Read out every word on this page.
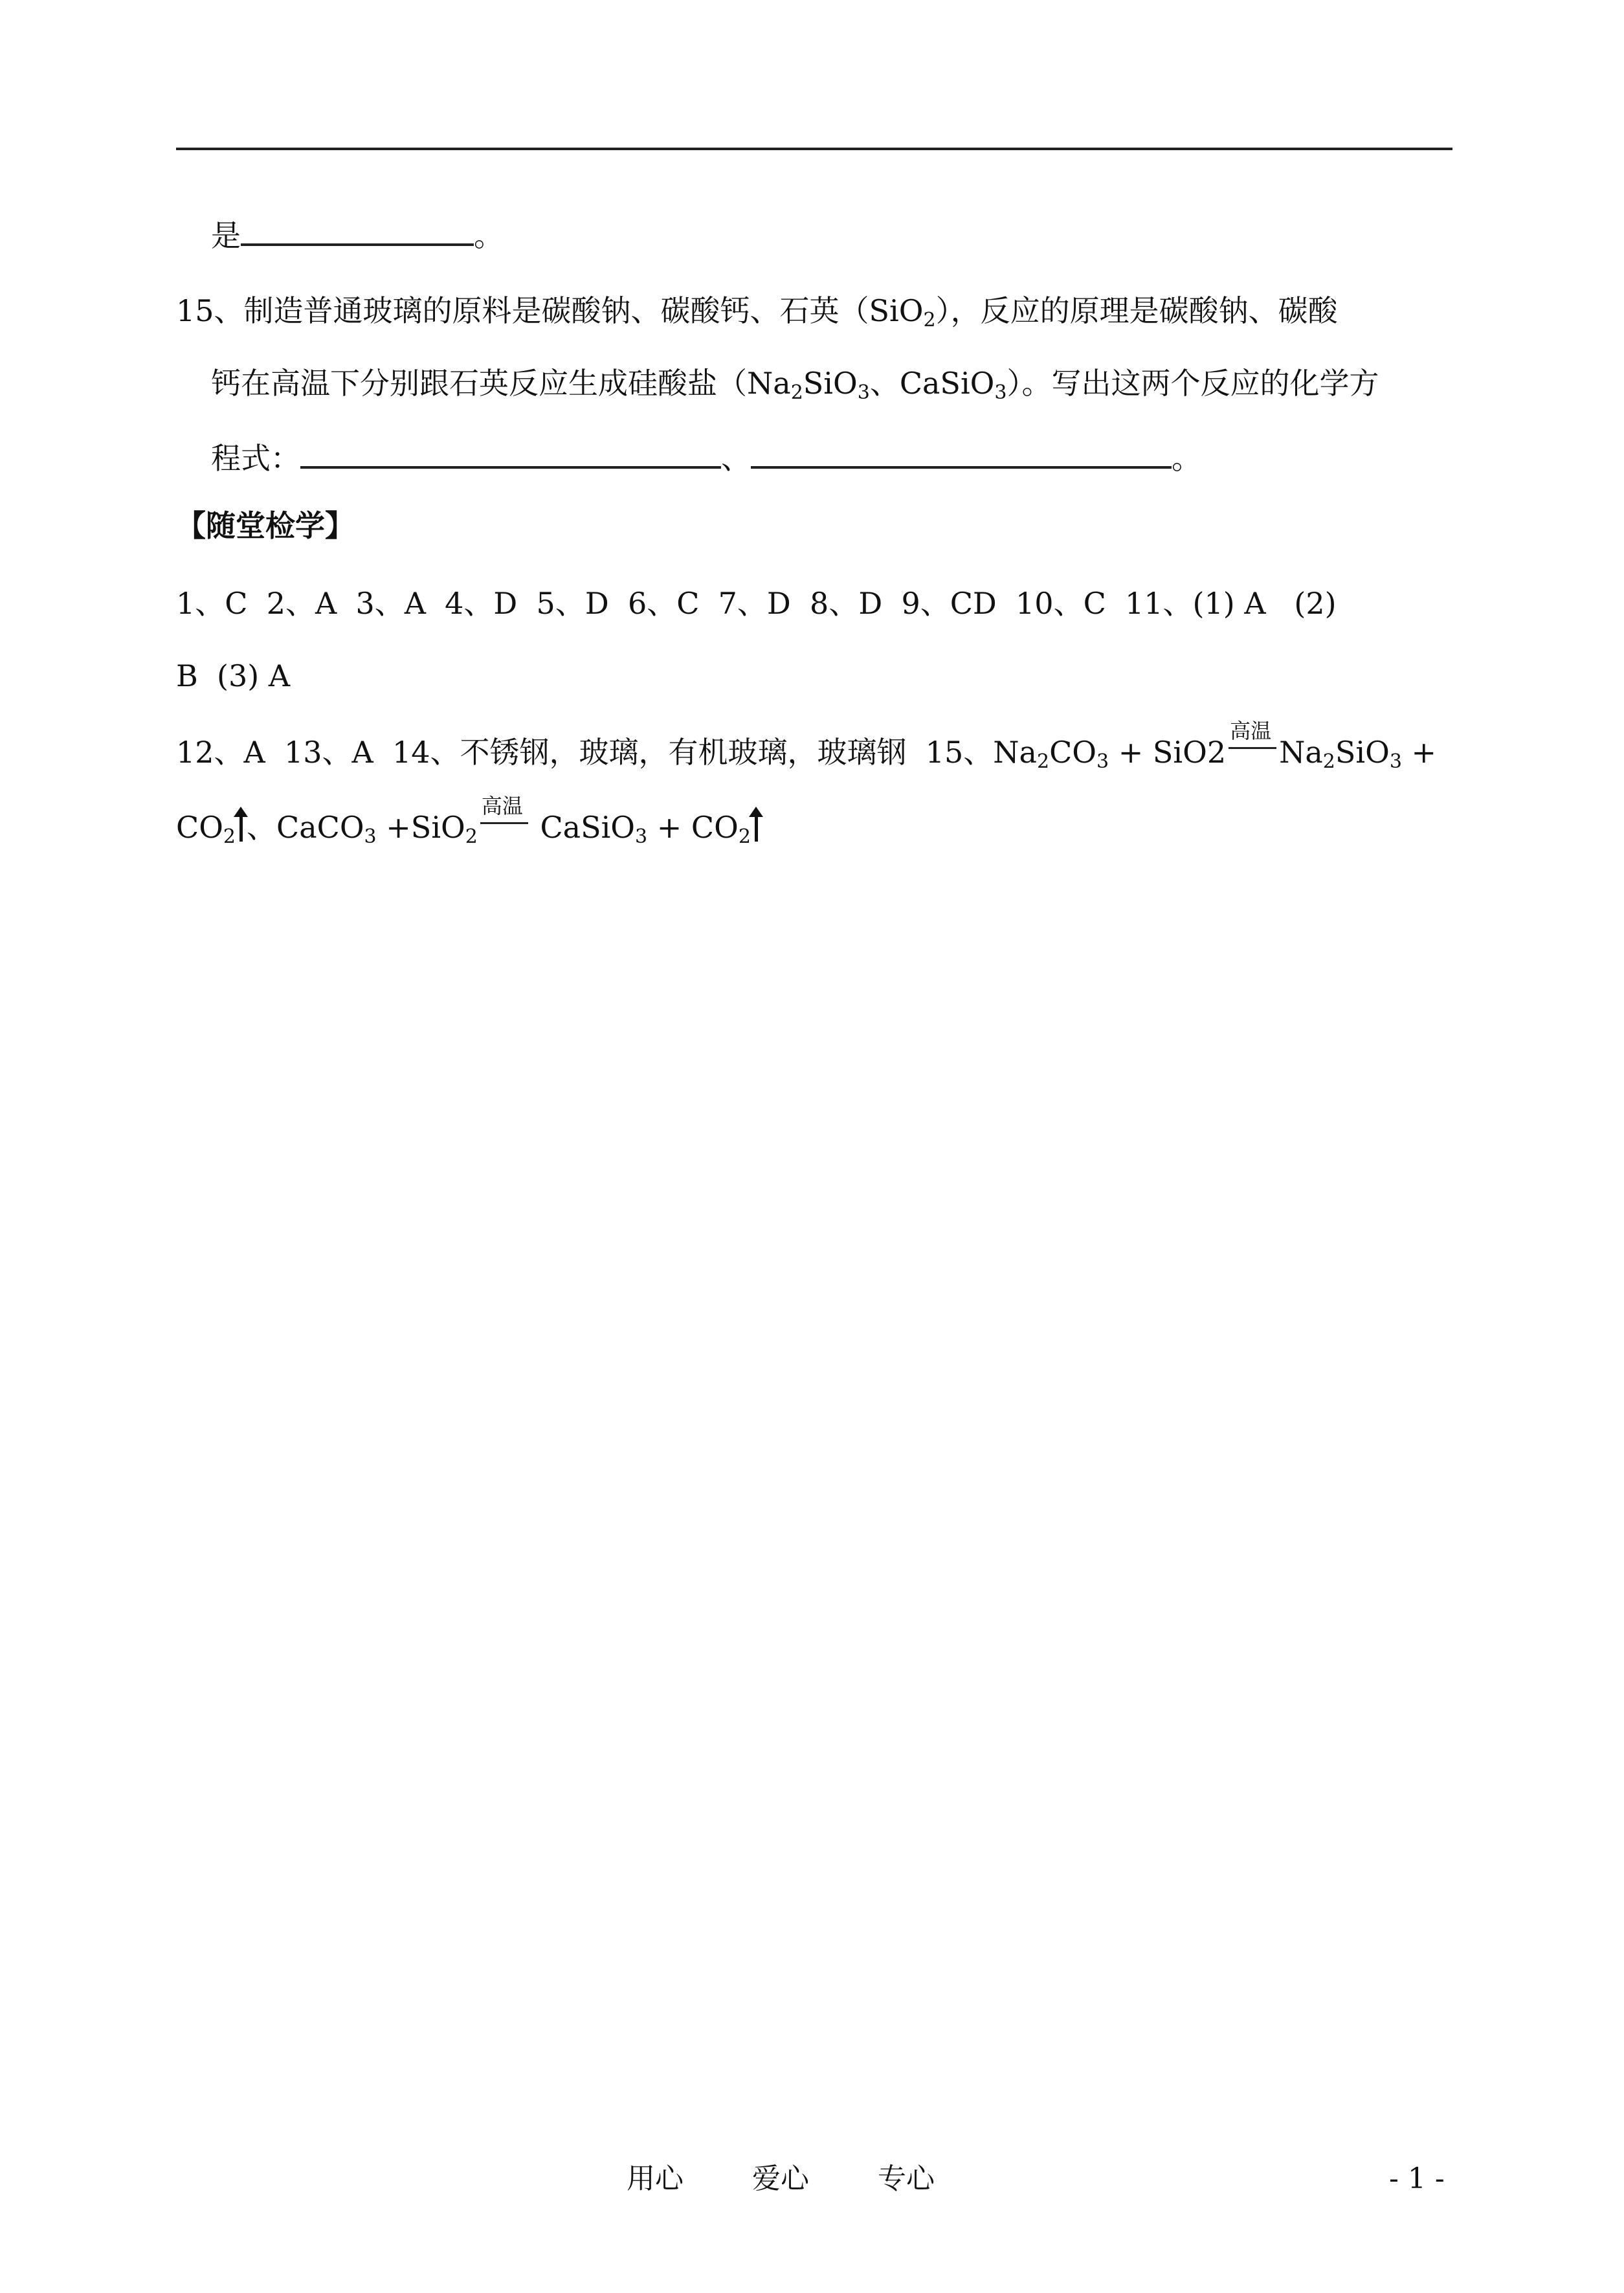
是	。
15、制造普通玻璃的原料是碳酸钠、碳酸钙、石英（SiO$_2$），反应的原理是碳酸钠、碳酸
钙在高温下分别跟石英反应生成硅酸盐（$Na_2SiO_3$、CaSiO$_3$）。写出这两个反应的化学方
程式：	、	。
【随堂检学】
1、C  2、A  3、A  4、D  5、D  6、C  7、D  8、D  9、CD  10、C  11、(1) A   (2)
B  (3) A
12、A  13、A  14、不锈钢，玻璃，有机玻璃，玻璃钢  15、$Na_2CO_3 + SiO2$
高温
$Na_2SiO_3$ +
$CO_2$ 、CaCO$_3$ +SiO$_2$
高温
CaSiO$_3$ + $CO_2$
用心 爱心 专心	- 1 -
